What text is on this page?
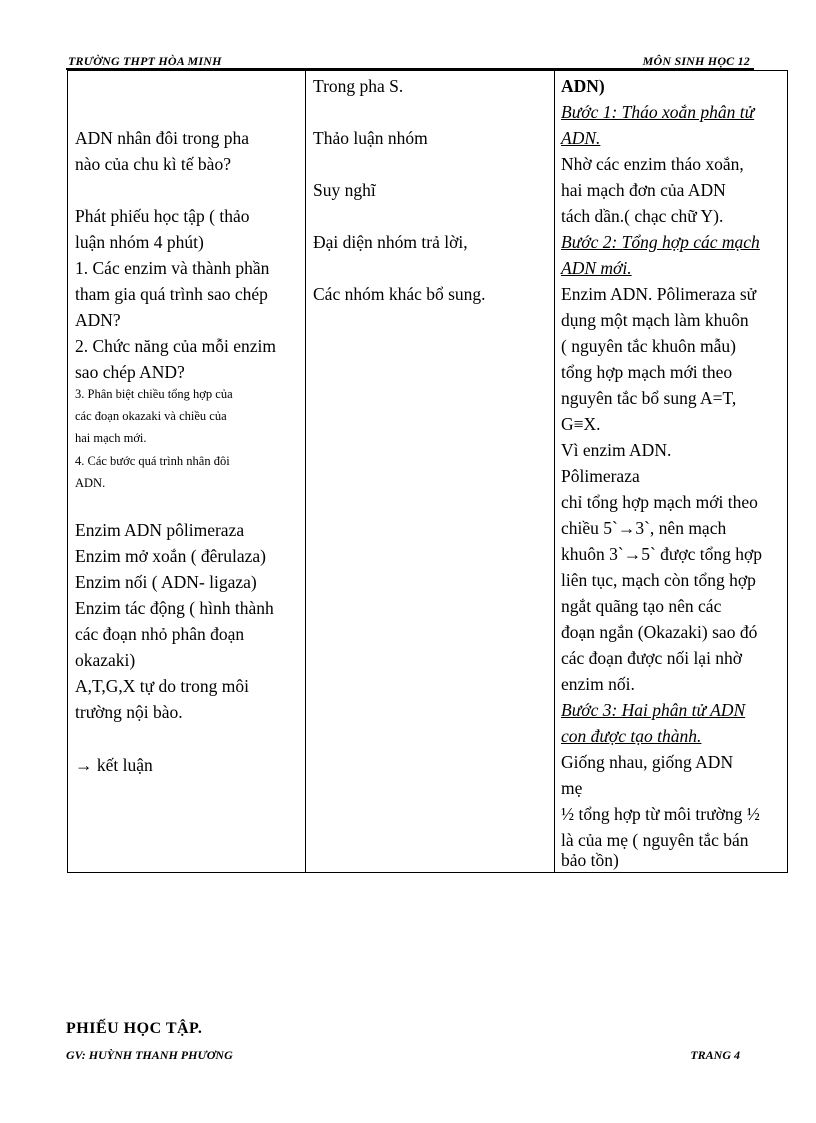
TRƯỜNG THPT HÒA MINH	MÔN SINH HỌC 12
ADN nhân đôi trong pha
nào của chu kì tế bào?
Phát phiếu học tập ( thảo
luận nhóm 4 phút)
1. Các enzim và thành phần
tham gia quá trình sao chép
ADN?
2. Chức năng của mỗi enzim
sao chép AND?
3. Phân biệt chiều tổng hợp của
các đoạn okazaki và chiều của
hai mạch mới.
4. Các bước quá trình nhân đôi
ADN.
Enzim ADN pôlimeraza
Enzim mở xoắn ( đêrulaza)
Enzim nối ( ADN- ligaza)
Enzim tác động ( hình thành
các đoạn nhỏ phân đoạn
okazaki)
A,T,G,X tự do trong môi
trường nội bào.
→ kết luận
Trong pha S.
Thảo luận nhóm
Suy nghĩ
Đại diện nhóm trả lời,
Các nhóm khác bổ sung.
ADN)
Bước 1: Tháo xoắn phân tử
ADN.
Nhờ các enzim tháo xoắn,
hai mạch đơn của ADN
tách dần.( chạc chữ Y).
Bước 2: Tổng hợp các mạch
ADN mới.
Enzim ADN. Pôlimeraza sử
dụng một mạch làm khuôn
( nguyên tắc khuôn mẫu)
tổng hợp mạch mới theo
nguyên tắc bổ sung A=T,
G≡X.
Vì enzim ADN.
Pôlimeraza
chỉ tổng hợp mạch mới theo
chiều 5`→3`, nên mạch
khuôn 3`→5` được tổng hợp
liên tục, mạch còn tổng hợp
ngắt quãng tạo nên các
đoạn ngắn (Okazaki) sao đó
các đoạn được nối lại nhờ
enzim nối.
Bước 3: Hai phân tử ADN
con được tạo thành.
Giống nhau, giống ADN
mẹ
½ tổng hợp từ môi trường ½
là của mẹ ( nguyên tắc bán
bảo tồn)
PHIẾU HỌC TẬP.
GV: HUỲNH THANH PHƯƠNG	TRANG 4
